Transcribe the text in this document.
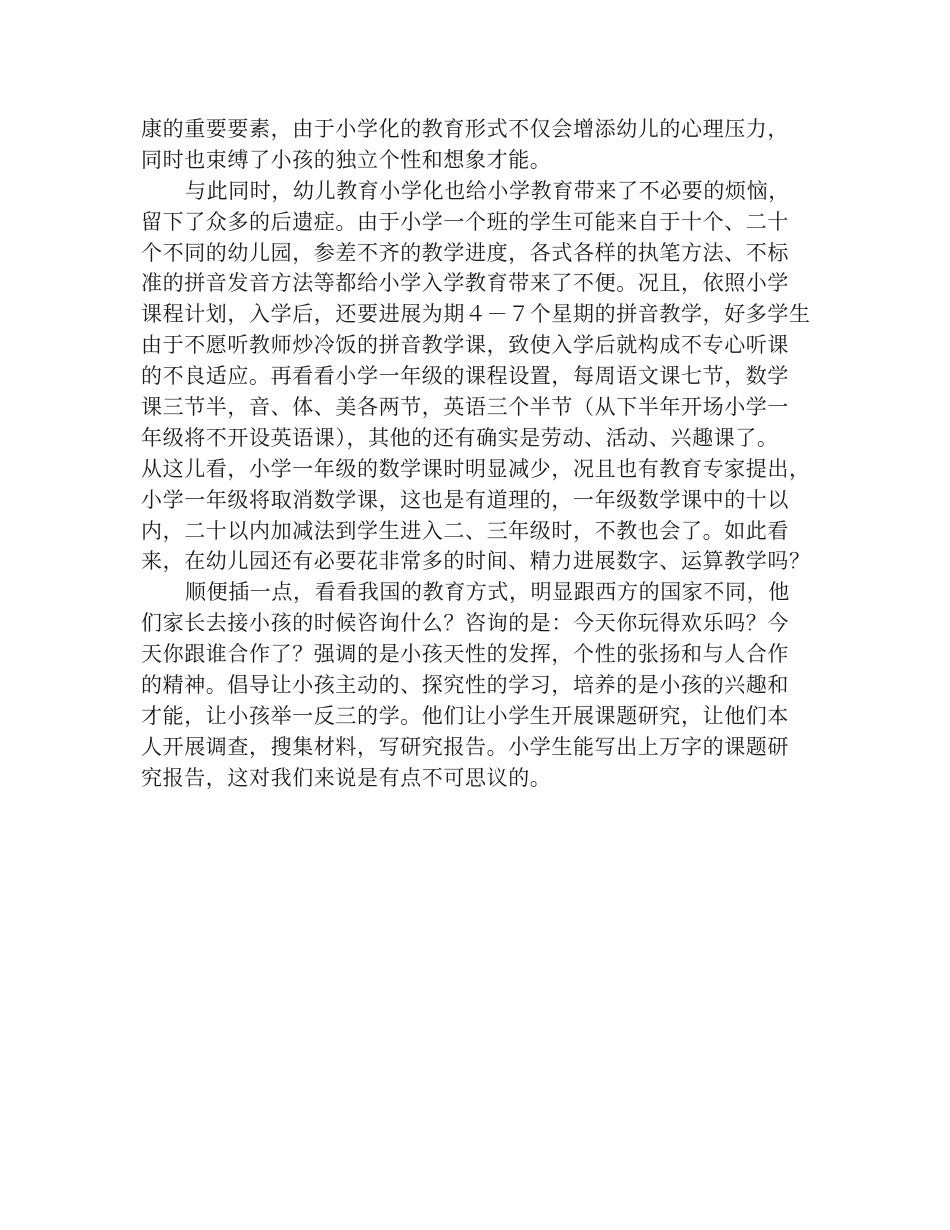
康的重要要素，由于小学化的教育形式不仅会增添幼儿的心理压力，
同时也束缚了小孩的独立个性和想象才能。
与此同时，幼儿教育小学化也给小学教育带来了不必要的烦恼，
留下了众多的后遗症。由于小学一个班的学生可能来自于十个、二十
个不同的幼儿园，参差不齐的教学进度，各式各样的执笔方法、不标
准的拼音发音方法等都给小学入学教育带来了不便。况且，依照小学
课程计划，入学后，还要进展为期４－７个星期的拼音教学，好多学生
由于不愿听教师炒冷饭的拼音教学课，致使入学后就构成不专心听课
的不良适应。再看看小学一年级的课程设置，每周语文课七节，数学
课三节半，音、体、美各两节，英语三个半节（从下半年开场小学一
年级将不开设英语课），其他的还有确实是劳动、活动、兴趣课了。
从这儿看，小学一年级的数学课时明显减少，况且也有教育专家提出，
小学一年级将取消数学课，这也是有道理的，一年级数学课中的十以
内，二十以内加减法到学生进入二、三年级时，不教也会了。如此看
来，在幼儿园还有必要花非常多的时间、精力进展数字、运算教学吗？
顺便插一点，看看我国的教育方式，明显跟西方的国家不同，他
们家长去接小孩的时候咨询什么？咨询的是：今天你玩得欢乐吗？今
天你跟谁合作了？强调的是小孩天性的发挥，个性的张扬和与人合作
的精神。倡导让小孩主动的、探究性的学习，培养的是小孩的兴趣和
才能，让小孩举一反三的学。他们让小学生开展课题研究，让他们本
人开展调查，搜集材料，写研究报告。小学生能写出上万字的课题研
究报告，这对我们来说是有点不可思议的。
